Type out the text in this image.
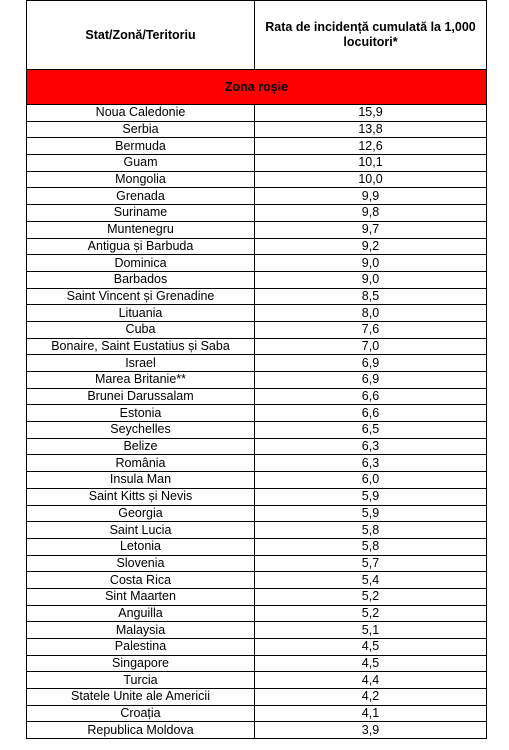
Stat/Zonă/Teritoriu	Rata de incidență cumulată la 1,000 locuitori*
Zona roșie	
Noua Caledonie	15,9
Serbia	13,8
Bermuda	12,6
Guam	10,1
Mongolia	10,0
Grenada	9,9
Suriname	9,8
Muntenegru	9,7
Antigua și Barbuda	9,2
Dominica	9,0
Barbados	9,0
Saint Vincent și Grenadine	8,5
Lituania	8,0
Cuba	7,6
Bonaire, Saint Eustatius și Saba	7,0
Israel	6,9
Marea Britanie**	6,9
Brunei Darussalam	6,6
Estonia	6,6
Seychelles	6,5
Belize	6,3
România	6,3
Insula Man	6,0
Saint Kitts și Nevis	5,9
Georgia	5,9
Saint Lucia	5,8
Letonia	5,8
Slovenia	5,7
Costa Rica	5,4
Sint Maarten	5,2
Anguilla	5,2
Malaysia	5,1
Palestina	4,5
Singapore	4,5
Turcia	4,4
Statele Unite ale Americii	4,2
Croația	4,1
Republica Moldova	3,9
